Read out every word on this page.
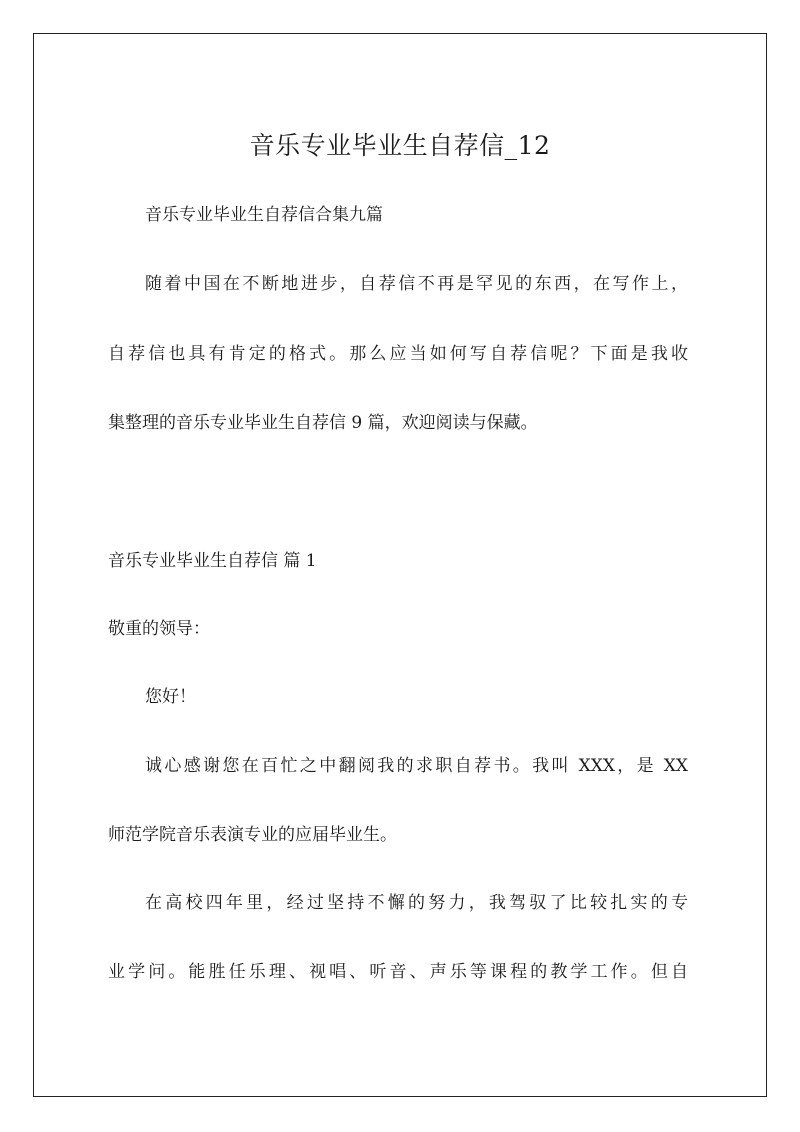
音乐专业毕业生自荐信_12
音乐专业毕业生自荐信合集九篇
随着中国在不断地进步，自荐信不再是罕见的东西，在写作上，
自荐信也具有肯定的格式。那么应当如何写自荐信呢？下面是我收
集整理的音乐专业毕业生自荐信 9 篇，欢迎阅读与保藏。
音乐专业毕业生自荐信 篇 1
敬重的领导：
您好！
诚心感谢您在百忙之中翻阅我的求职自荐书。我叫 XXX，是 XX
师范学院音乐表演专业的应届毕业生。
在高校四年里，经过坚持不懈的努力，我驾驭了比较扎实的专
业学问。能胜任乐理、视唱、听音、声乐等课程的教学工作。但自
